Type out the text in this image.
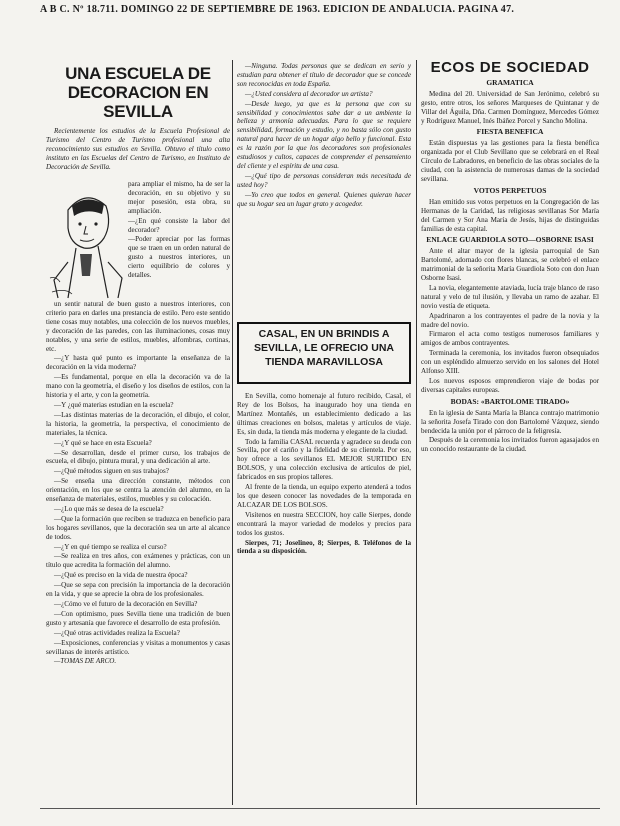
A B C. Nº 18.711. DOMINGO 22 DE SEPTIEMBRE DE 1963. EDICION DE ANDALUCIA. PAGINA 47.
UNA ESCUELA DE DECORACION EN SEVILLA

Recientemente los estudios de la Escuela Profesional de Turismo del Centro de Turismo profesional una alta reconocimiento sus estudios en Sevilla. Obtuvo el título como instituto en las Escuelas del Centro de Turismo, en Instituto de Decoración de Sevilla.

para ampliar el mismo, ha de ser la decoración, en su objetivo y su mejor posesión, esta obra, su ampliación.

—¿En qué consiste la labor del decorador?

—Poder apreciar por las formas que se traen en un orden natural de gusto a nuestros interiores, un cierto equilibrio de colores y detalles.

un sentir natural de buen gusto a nuestros interiores, con criterio para en darles una prestancia de estilo. Pero este sentido tiene cosas muy notables, una colección de los nuevos muebles, y decoración de las paredes, con las iluminaciones, cosas muy notables, y una serie de estilos, muebles, alfombras, cortinas, etc.

—¿Y hasta qué punto es importante la enseñanza de la decoración en la vida moderna?

—Es fundamental, porque en ella la decoración va de la mano con la geometría, el diseño y los diseños de estilos, con la historia y el arte, y con la geometría.

—Y ¿qué materias estudian en la escuela?

—Las distintas materias de la decoración, el dibujo, el color, la historia, la geometría, la perspectiva, el conocimiento de materiales, la técnica.

—¿Y qué se hace en esta Escuela?

—Se desarrollan, desde el primer curso, los trabajos de escuela, el dibujo, pintura mural, y una dedicación al arte.

—¿Qué métodos siguen en sus trabajos?

—Se enseña una dirección constante, métodos con orientación, en los que se centra la atención del alumno, en la enseñanza de materiales, estilos, muebles y su colocación.

—¿Lo que más se desea de la escuela?

—Que la formación que reciben se traduzca en beneficio para los hogares sevillanos, que la decoración sea un arte al alcance de todos.

—¿Y en qué tiempo se realiza el curso?

—Se realiza en tres años, con exámenes y prácticas, con un título que acredita la formación del alumno.

—¿Qué es preciso en la vida de nuestra época?

—Que se sepa con precisión la importancia de la decoración en la vida, y que se aprecie la obra de los profesionales.

—¿Cómo ve el futuro de la decoración en Sevilla?

—Con optimismo, pues Sevilla tiene una tradición de buen gusto y artesanía que favorece el desarrollo de esta profesión.

—¿Qué otras actividades realiza la Escuela?

—Exposiciones, conferencias y visitas a monumentos y casas sevillanas de interés artístico.

—TOMAS DE ARCO.

—Ninguna. Todas personas que se dedican en serio y estudian para obtener el título de decorador que se concede son reconocidas en toda España.

—¿Usted considera al decorador un artista?

—Desde luego, ya que es la persona que con su sensibilidad y conocimientos sabe dar a un ambiente la belleza y armonía adecuadas. Para lo que se requiere sensibilidad, formación y estudio, y no basta sólo con gusto natural para hacer de un hogar algo bello y funcional. Esta es la razón por la que los decoradores son profesionales estudiosos y cultos, capaces de comprender el pensamiento del cliente y el espíritu de una casa.

—¿Qué tipo de personas consideran más necesitada de usted hoy?

—Yo creo que todos en general. Quienes quieran hacer que su hogar sea un lugar grato y acogedor.

CASAL, EN UN BRINDIS A
SEVILLA, LE OFRECIO UNA
TIENDA MARAVILLOSA

En Sevilla, como homenaje al futuro recibido, Casal, el Rey de los Bolsos, ha inaugurado hoy una tienda en Martínez Montañés, un establecimiento dedicado a las últimas creaciones en bolsos, maletas y artículos de viaje. Es, sin duda, la tienda más moderna y elegante de la ciudad.

Todo la familia CASAL recuerda y agradece su deuda con Sevilla, por el cariño y la fidelidad de su clientela. Por eso, hoy ofrece a los sevillanos EL MEJOR SURTIDO EN BOLSOS, y una colección exclusiva de artículos de piel, fabricados en sus propios talleres.

Al frente de la tienda, un equipo experto atenderá a todos los que deseen conocer las novedades de la temporada en ALCAZAR DE LOS BOLSOS.

Visítenos en nuestra SECCION, hoy calle Sierpes, donde encontrará la mayor variedad de modelos y precios para todos los gustos.

Sierpes, 71; Joselineo, 8; Sierpes, 8. Teléfonos de la tienda a su disposición.

ECOS DE SOCIEDAD
GRAMATICA

Medina del 20. Universidad de San Jerónimo, celebró su gesto, entre otros, los señores Marqueses de Quintanar y de Villar del Águila, Dña. Carmen Domínguez, Mercedes Gómez y Rodríguez Manuel, Inés Ibáñez Porcel y Sancho Molina.

FIESTA BENEFICA

Están dispuestas ya las gestiones para la fiesta benéfica organizada por el Club Sevillano que se celebrará en el Real Círculo de Labradores, en beneficio de las obras sociales de la ciudad, con la asistencia de numerosas damas de la sociedad sevillana.

VOTOS PERPETUOS

Han emitido sus votos perpetuos en la Congregación de las Hermanas de la Caridad, las religiosas sevillanas Sor María del Carmen y Sor Ana María de Jesús, hijas de distinguidas familias de esta capital.

ENLACE GUARDIOLA SOTO—OSBORNE ISASI

Ante el altar mayor de la iglesia parroquial de San Bartolomé, adornado con flores blancas, se celebró el enlace matrimonial de la señorita María Guardiola Soto con don Juan Osborne Isasi.

La novia, elegantemente ataviada, lucía traje blanco de raso natural y velo de tul ilusión, y llevaba un ramo de azahar. El novio vestía de etiqueta.

Apadrinaron a los contrayentes el padre de la novia y la madre del novio.

Firmaron el acta como testigos numerosos familiares y amigos de ambos contrayentes.

Terminada la ceremonia, los invitados fueron obsequiados con un espléndido almuerzo servido en los salones del Hotel Alfonso XIII.

Los nuevos esposos emprendieron viaje de bodas por diversas capitales europeas.

BODAS: «BARTOLOME TIRADO»

En la iglesia de Santa María la Blanca contrajo matrimonio la señorita Josefa Tirado con don Bartolomé Vázquez, siendo bendecida la unión por el párroco de la feligresía.

Después de la ceremonia los invitados fueron agasajados en un conocido restaurante de la ciudad.
